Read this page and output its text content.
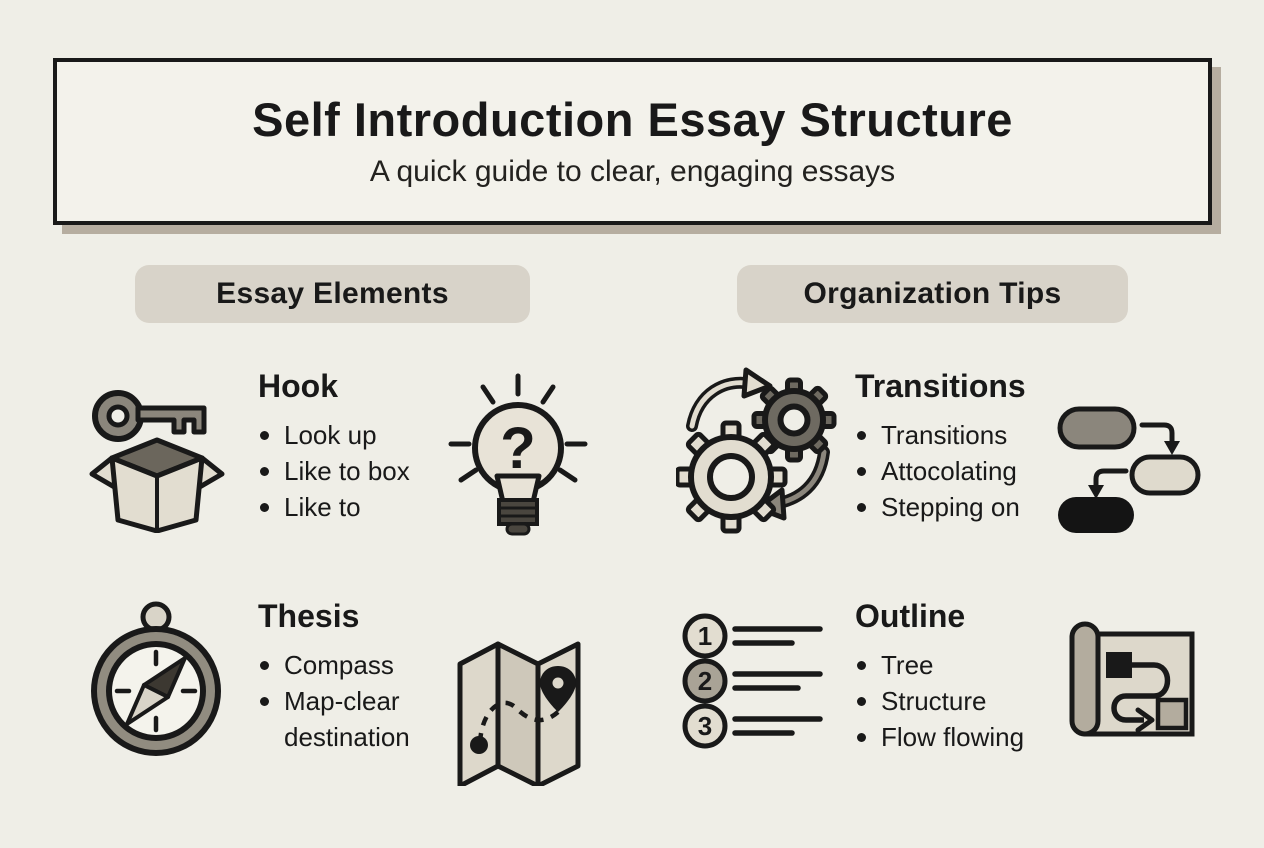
Self Introduction Essay Structure

A quick guide to clear, engaging essays

Essay Elements	Organization Tips
Hook
Look up
Like to box
Like to
?
Transitions
Transitions
Attocolating
Stepping on
Thesis
Compass
Map-clear destination
1
2
3
Outline
Tree
Structure
Flow flowing
